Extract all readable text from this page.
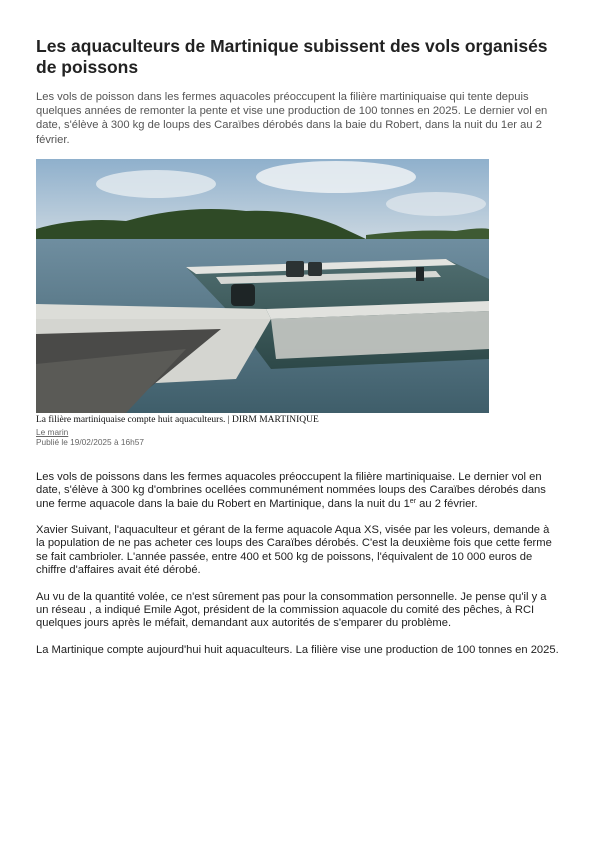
Les aquaculteurs de Martinique subissent des vols organisés de poissons

Les vols de poisson dans les fermes aquacoles préoccupent la filière martiniquaise qui tente depuis quelques années de remonter la pente et vise une production de 100 tonnes en 2025. Le dernier vol en date, s'élève à 300 kg de loups des Caraïbes dérobés dans la baie du Robert, dans la nuit du 1er au 2 février.

La filière martiniquaise compte huit aquaculteurs. | DIRM MARTINIQUE
Le marin
Publié le 19/02/2025 à 16h57

Les vols de poissons dans les fermes aquacoles préoccupent la filière martiniquaise. Le dernier vol en date, s'élève à 300 kg d'ombrines ocellées communément nommées loups des Caraïbes dérobés dans une ferme aquacole dans la baie du Robert en Martinique, dans la nuit du 1er au 2 février.

Xavier Suivant, l'aquaculteur et gérant de la ferme aquacole Aqua XS, visée par les voleurs, demande à la population de ne pas acheter ces loups des Caraïbes dérobés. C'est la deuxième fois que cette ferme se fait cambrioler. L'année passée, entre 400 et 500 kg de poissons, l'équivalent de 10 000 euros de chiffre d'affaires avait été dérobé.

Au vu de la quantité volée, ce n'est sûrement pas pour la consommation personnelle. Je pense qu'il y a un réseau , a indiqué Emile Agot, président de la commission aquacole du comité des pêches, à RCI quelques jours après le méfait, demandant aux autorités de s'emparer du problème.

La Martinique compte aujourd'hui huit aquaculteurs. La filière vise une production de 100 tonnes en 2025.
